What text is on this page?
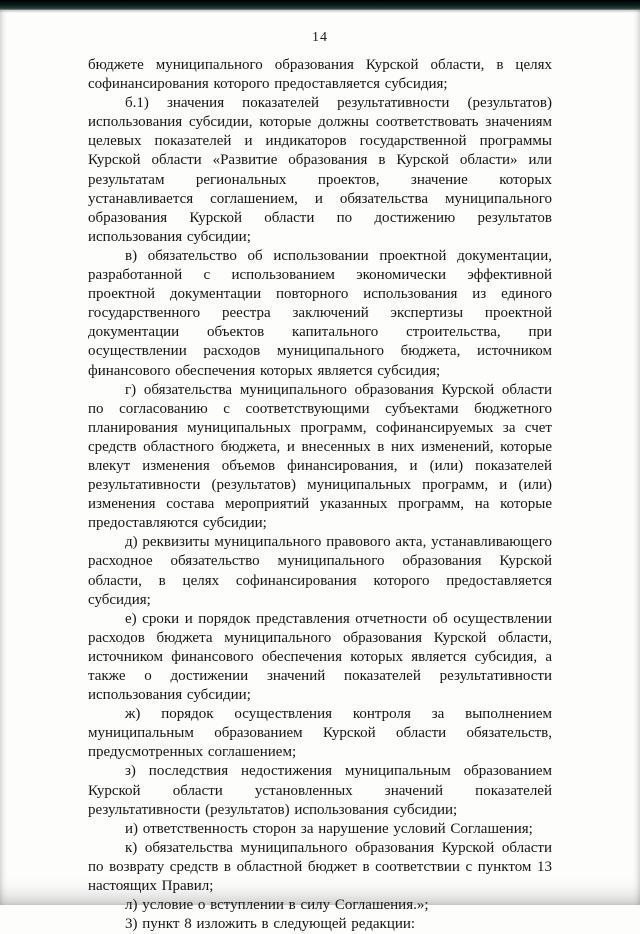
14

бюджете муниципального образования Курской области, в целях софинансирования которого предоставляется субсидия;

б.1) значения показателей результативности (результатов) использования субсидии, которые должны соответствовать значениям целевых показателей и индикаторов государственной программы Курской области «Развитие образования в Курской области» или результатам региональных проектов, значение которых устанавливается соглашением, и обязательства муниципального образования Курской области по достижению результатов использования субсидии;

в) обязательство об использовании проектной документации, разработанной с использованием экономически эффективной проектной документации повторного использования из единого государственного реестра заключений экспертизы проектной документации объектов капитального строительства, при осуществлении расходов муниципального бюджета, источником финансового обеспечения которых является субсидия;

г) обязательства муниципального образования Курской области по согласованию с соответствующими субъектами бюджетного планирования муниципальных программ, софинансируемых за счет средств областного бюджета, и внесенных в них изменений, которые влекут изменения объемов финансирования, и (или) показателей результативности (результатов) муниципальных программ, и (или) изменения состава мероприятий указанных программ, на которые предоставляются субсидии;

д) реквизиты муниципального правового акта, устанавливающего расходное обязательство муниципального образования Курской области, в целях софинансирования которого предоставляется субсидия;

е) сроки и порядок представления отчетности об осуществлении расходов бюджета муниципального образования Курской области, источником финансового обеспечения которых является субсидия, а также о достижении значений показателей результативности использования субсидии;

ж) порядок осуществления контроля за выполнением муниципальным образованием Курской области обязательств, предусмотренных соглашением;

з) последствия недостижения муниципальным образованием Курской области установленных значений показателей результативности (результатов) использования субсидии;

и) ответственность сторон за нарушение условий Соглашения;

к) обязательства муниципального образования Курской области по возврату средств в областной бюджет в соответствии с пунктом 13 настоящих Правил;

л) условие о вступлении в силу Соглашения.»;

3) пункт 8 изложить в следующей редакции:
